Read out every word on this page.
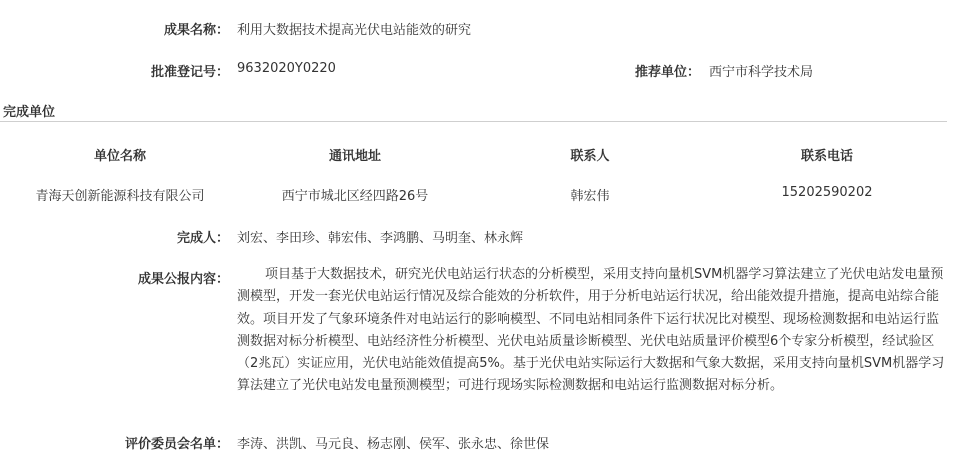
成果名称： 利用大数据技术提高光伏电站能效的研究
批准登记号： 9632020Y0220	推荐单位： 西宁市科学技术局
完成单位
单位名称	通讯地址	联系人	联系电话
青海天创新能源科技有限公司	西宁市城北区经四路26号	韩宏伟	15202590202
完成人： 刘宏、李田珍、韩宏伟、李鸿鹏、马明奎、林永辉
成果公报内容：	项目基于大数据技术，研究光伏电站运行状态的分析模型，采用支持向量机SVM机器学习算法建立了光伏电站发电量预测模型，开发一套光伏电站运行情况及综合能效的分析软件，用于分析电站运行状况，给出能效提升措施，提高电站综合能效。项目开发了气象环境条件对电站运行的影响模型、不同电站相同条件下运行状况比对模型、现场检测数据和电站运行监测数据对标分析模型、电站经济性分析模型、光伏电站质量诊断模型、光伏电站质量评价模型6个专家分析模型，经试验区（2兆瓦）实证应用，光伏电站能效值提高5%。基于光伏电站实际运行大数据和气象大数据，采用支持向量机SVM机器学习算法建立了光伏电站发电量预测模型；可进行现场实际检测数据和电站运行监测数据对标分析。
评价委员会名单： 李涛、洪凯、马元良、杨志刚、侯军、张永忠、徐世保
